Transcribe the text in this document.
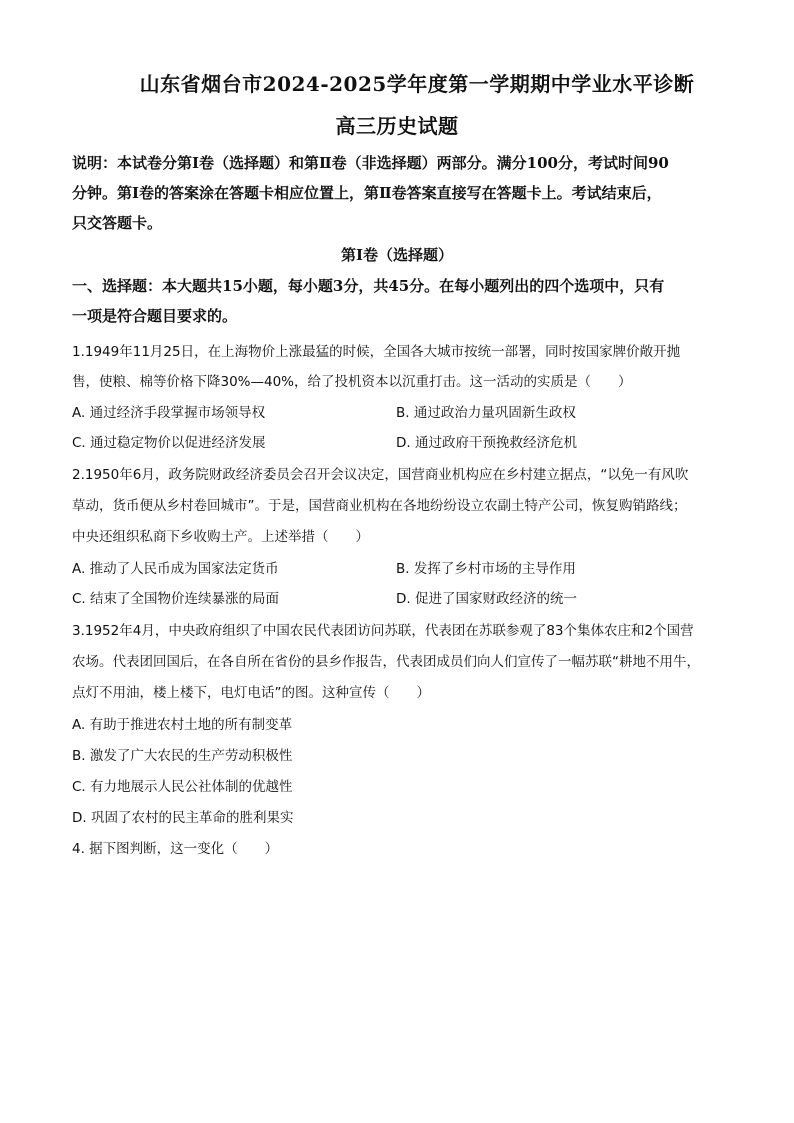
山东省烟台市2024-2025学年度第一学期期中学业水平诊断
高三历史试题
说明：本试卷分第Ⅰ卷（选择题）和第Ⅱ卷（非选择题）两部分。满分100分，考试时间90
分钟。第Ⅰ卷的答案涂在答题卡相应位置上，第Ⅱ卷答案直接写在答题卡上。考试结束后，
只交答题卡。
第Ⅰ卷（选择题）
一、选择题：本大题共15小题，每小题3分，共45分。在每小题列出的四个选项中，只有
一项是符合题目要求的。
1.1949年11月25日，在上海物价上涨最猛的时候，全国各大城市按统一部署，同时按国家牌价敞开抛
售，使粮、棉等价格下降30%—40%，给了投机资本以沉重打击。这一活动的实质是（　　）
A. 通过经济手段掌握市场领导权	B. 通过政治力量巩固新生政权
C. 通过稳定物价以促进经济发展	D. 通过政府干预挽救经济危机
2.1950年6月，政务院财政经济委员会召开会议决定，国营商业机构应在乡村建立据点，“以免一有风吹
草动，货币便从乡村卷回城市”。于是，国营商业机构在各地纷纷设立农副土特产公司，恢复购销路线；
中央还组织私商下乡收购土产。上述举措（　　）
A. 推动了人民币成为国家法定货币	B. 发挥了乡村市场的主导作用
C. 结束了全国物价连续暴涨的局面	D. 促进了国家财政经济的统一
3.1952年4月，中央政府组织了中国农民代表团访问苏联，代表团在苏联参观了83个集体农庄和2个国营
农场。代表团回国后，在各自所在省份的县乡作报告，代表团成员们向人们宣传了一幅苏联“耕地不用牛，
点灯不用油，楼上楼下，电灯电话”的图。这种宣传（　　）
A. 有助于推进农村土地的所有制变革
B. 激发了广大农民的生产劳动积极性
C. 有力地展示人民公社体制的优越性
D. 巩固了农村的民主革命的胜利果实
4. 据下图判断，这一变化（　　）
